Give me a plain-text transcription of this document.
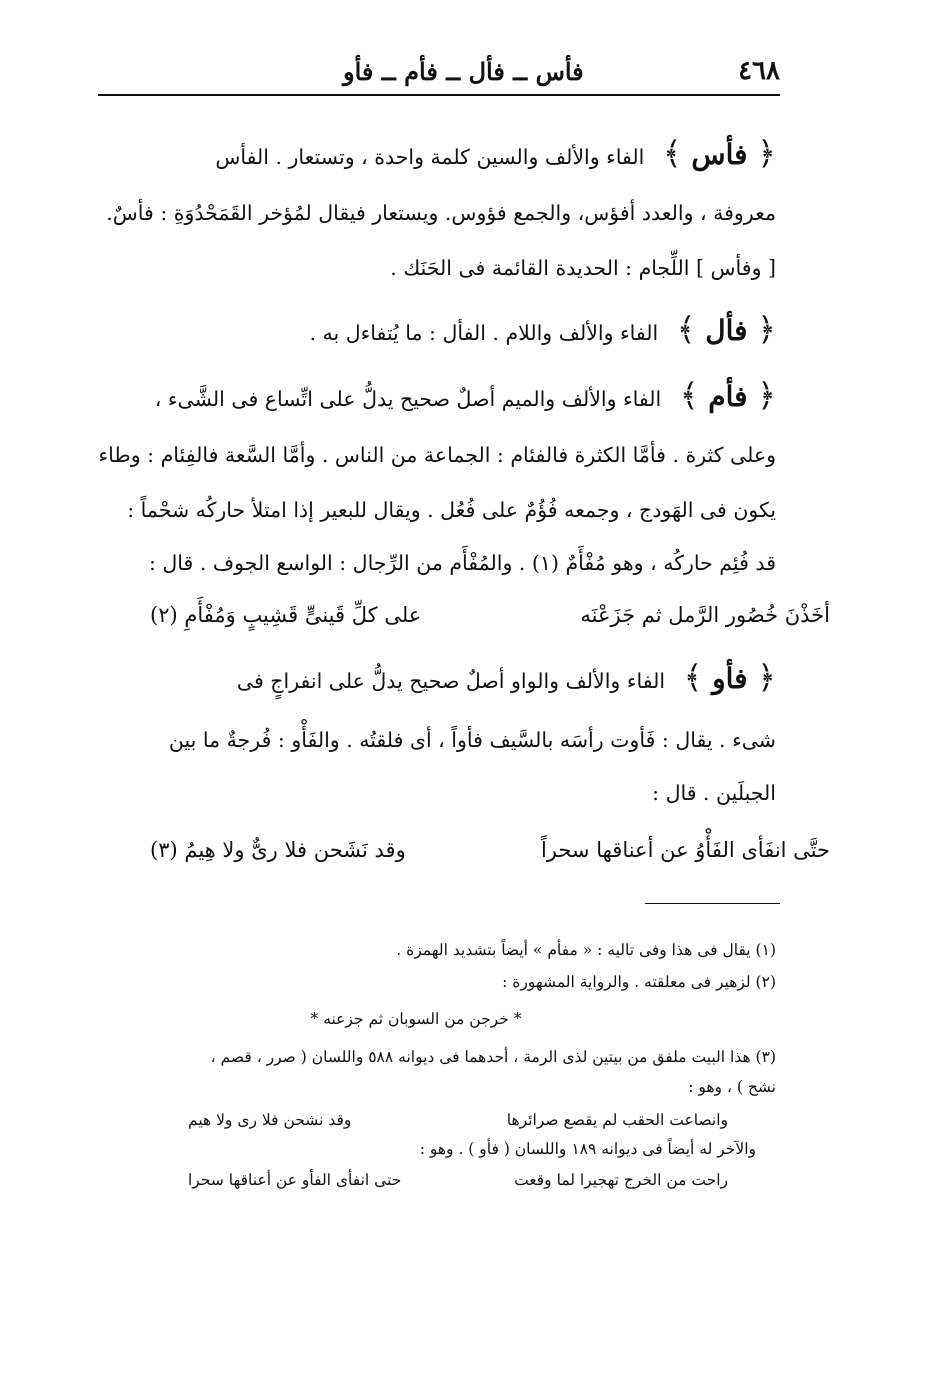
٤٦٨
فأس ــ فأل ــ فأم ــ فأو
﴿ فأس ﴾ الفاء والألف والسين كلمة واحدة ، وتستعار . الفأس
معروفة ، والعدد أفؤس، والجمع فؤوس. ويستعار فيقال لمُؤخر القَمَحْدُوَةِ : فأسٌ.
[ وفأس ] اللِّجام : الحديدة القائمة فى الحَنَك .
﴿ فأل ﴾ الفاء والألف واللام . الفأل : ما يُتفاءل به .
﴿ فأم ﴾ الفاء والألف والميم أصلٌ صحيح يدلُّ على اتِّساع فى الشَّىء ،
وعلى كثرة . فأمَّا الكثرة فالفئام : الجماعة من الناس . وأمَّا السَّعة فالفِئام : وطاء
يكون فى الهَودج ، وجمعه فُؤُمٌ على فُعُل . ويقال للبعير إذا امتلأ حاركُه شحْماً :
قد فُئِم حاركُه ، وهو مُفْأَمٌ (١) . والمُفْأَم من الرِّجال : الواسع الجوف . قال :
أخَذْنَ خُصُور الرَّمل ثم جَزَعْنَه
على كلِّ قَينىٍّ قَشِيبٍ وَمُفْأَمِ (٢)
﴿ فأو ﴾ الفاء والألف والواو أصلٌ صحيح يدلُّ على انفراجٍ فى
شىء . يقال : فَأوت رأسَه بالسَّيف فأواً ، أى فلقتُه . والفَأْو : فُرجةٌ ما بين
الجبلَين . قال :
حتَّى انفَأى الفَأْوُ عن أعناقها سحراً
وقد نَشَحن فلا رىٌّ ولا هِيمُ (٣)
(١) يقال فى هذا وفى تاليه : « مفأم » أيضاً بتشديد الهمزة .
(٢) لزهير فى معلقته . والرواية المشهورة :
* خرجن من السوبان ثم جزعنه *
(٣) هذا البيت ملفق من بيتين لذى الرمة ، أحدهما فى ديوانه ٥٨٨ واللسان ( صرر ، قصم ،
نشح ) ، وهو :
وانصاعت الحقب لم يقصع صرائرها
وقد نشحن فلا رى ولا هيم
والآخر له أيضاً فى ديوانه ١٨٩ واللسان ( فأو ) . وهو :
راحت من الخرج تهجيرا لما وقعت
حتى انفأى الفأو عن أعناقها سحرا
